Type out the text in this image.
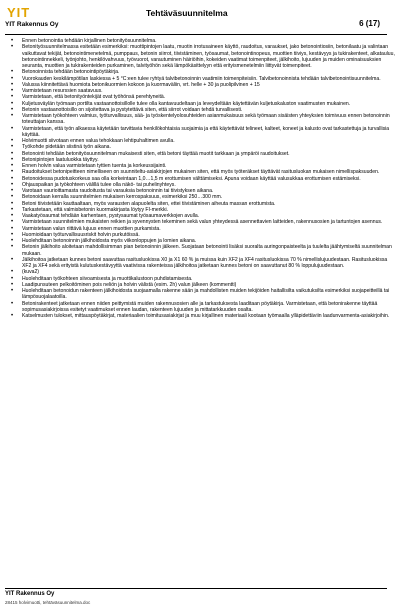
YIT
YIT Rakennus Oy
Tehtäväsuunnitelma
6 (17)
• Ennen betonointia tehdään kirjallinen betonityösuunnitelma.
• Betonityösuunnitelmassa esitetään esimerkiksi: muottipintojen laatu, muotin irrotusaineen käyttö, raudoitus, varaukset, jako betonointiosiin, betonilaatu ja valintaan vaikuttavat tekijät, betonointimenetelmä, pumppaus, betonin siirrot, tiivistäminen, työsaumat, betonointinopeus, muottien tiiviys, kestävyys ja tukirakenteet, alkatauluu, betonointinnekkeli, työnjohto, henkilövahvuus, työvuorot, varautuminen häiriöihin, kokeiden vaatimat toimenpiteet, jälkihoito, lujuuden ja muiden ominaisuuksien seuranta, muottien ja tukirakenteiden purkaminen, talvityöhön sekä lämpökäsittelyyn että erityismenetelmiin liittyvät toimenpiteet.
• Betonoinnista tehdään betonointipöytäkirja.
• Vuorokauden keskilämpötilan laskiessa + 5 °C:een tulee ryhtyä talvibetonoinnin vaatimiin toimenpiteisiin. Talvibetonoinnista tehdään talvibetonointisuunnitelma.
• Valussa kiinnitettävä huomiota betonikuormien kokoon ja kuormaväliin, vrt. helle + 30 ja puolipilvinen + 15
• Varmistetaan resurssien saatavuus.
• Varmistetaan, että betonityöntekijät ovat työhönsä perehtyneitä.
• Kuljetusväylän työmaan portilta vastaanottoisillolle tulee olla kantavuudeltaan ja leveydeltään käytettävän kuljetuskaluston vaatimusten mukainen.
• Betonin vastaanottoisillo on sijoitettava ja pystytettävä siten, että siirrot voidaan tehdä turvallisesti.
• Varmistetaan työkohteen valmius, työturvallisuus, sää- ja työskentelyolosuhteiden asianmukaisuus sekä työmaan sisäisten yhteyksien toimivuus ennen betonoinnin toteuttajan kanssa.
• Varmistetaan, että työn alkaessa käytetään tarvittavia henkilökohtaisia suojaimia ja että käytettävät telineet, kalteet, koneet ja kalusto ovat tarkastettuja ja turvallisia käyttää.
• Holvimuotti siivotaan ennen valua tehokkaan lehtipuhaltimen avulla.
• Työkohde pidetään siistinä työn aikana.
• Betonointi tehdään betonityösuunnitelman mukaisesti siten, että betoni täyttää muotit tarkkaan ja ympäröi raudoitukset.
• Betonipintojen laatuluokka täyttyy.
• Ennen holvin valua varmistetaan tyttien tuenta ja korkeussijainti.
• Raudoitukset betonipeitteen nimelliseen on suunniteltu-asiakirjojen mukainen siten, että myös työteräkset täyttävät rasitusluokan mukaisen nimellispaksuuden.
• Betonoidessa pudotuskorkeus saa olla korkeintaan 1,0…1,5 m erottumisen välttämiseksi. Apuna voidaan käyttää valusukkaa erottumisen estämiseksi.
• Ohjauspaikan ja työkohteen välillä tulee olla näkö- tai puhelinyhteys.
• Varotaan vaurioittamasta raudoitusta tai varauksia betonoinnin tai tiivistyksen aikana.
• Betonoidaan kerralla suunnitelmien mukaisen kerrospaksuus, esimerkiksi 250…300 mm.
• Betoni tiivistetään kauttaaltaan, myös varausten alapuolelta siten, ettei tiivistäminen aiheuta massan erottumista.
• Tarkastetaan, että valmisbetonin kuormakirjasta löytyy FI-merkki.
• Vaakatyösaumat tehdään karhentaen, pystysaumat työsaumaverkkojen avulla.
• Varmistetaan suunnitelmien mukaisten reikien ja syvennysten tekeminen sekä valun yhteydessä asennettavien laitteiden, rakennusosien ja tartuntojen asennus.
• Varmistetaan valun riittävä lujuus ennen muottien purkamista.
• Huomioidaan työturvallisuusriskit holvin purkutöissä.
• Huolehditaan betonoinnin jälkihoidosta myös viikonloppujen ja lomien aikana.
• Betonin jälkihoito aloitetaan mahdollisimman pian betonoinnin jälkeen. Suojataan betonointi lisäksi suoralta auringonpaisteelta ja tuulelta jäähtymiseltä suunnitelman mukaan.
• Jälkihoitoa jatketaan kunnes betoni saavuttaa rasitusluokissa X0 ja X1 60 % ja muissa kuin XF2 ja XF4 rasitusluokissa 70 % nimellislujuudestaan. Rasitusluokissa XF2 ja XF4 sekä erityistä kulutuskestävyyttä vaativissa rakenteissa jälkihoitoa jatketaan kunnes betoni on saavuttanut 80 % loppulujuudestaan.
• (kuva2)
• Huolehditaan työkohteen siivoamisesta ja muottikalustoon puhdistamisesta.
• Laadipunsuteen pelkoitöminen pois neliön ja holvin välistä (esim. 2h) valun jälkeen (kommentti)
• Huolehditaan betonoidun rakenteen jälkihoidosta suojaamalla rakenne sään ja mahdollisten muiden tekijöiden haitallisilta vaikutuksilta esimerkiksi suojapeitteillä tai lämpösuojalaatoilla.
• Betonirakenteet jatketaan ennen niiden peittymistä muiden rakennusosien alle ja tarkastuksesta laaditaan pöytäkirja. Varmistetaan, että betonirakenne täyttää sopimusasiakirjoissa esitetyt vaatimukset ennen laudan, rakenteen lujuuden ja mittatarkkuuden osalta.
• Katselmusten tulokset, mittauspöytäkirjat, materiaalien toimitusasiakirjat ja muu kirjallinen materiaali kootaan työmaalla ylläpidettäviin laadunvarmenta-asiakirjoihin.
YIT Rakennus Oy
28415 holvimuotti, tehtäväsuunnitelma.doc
